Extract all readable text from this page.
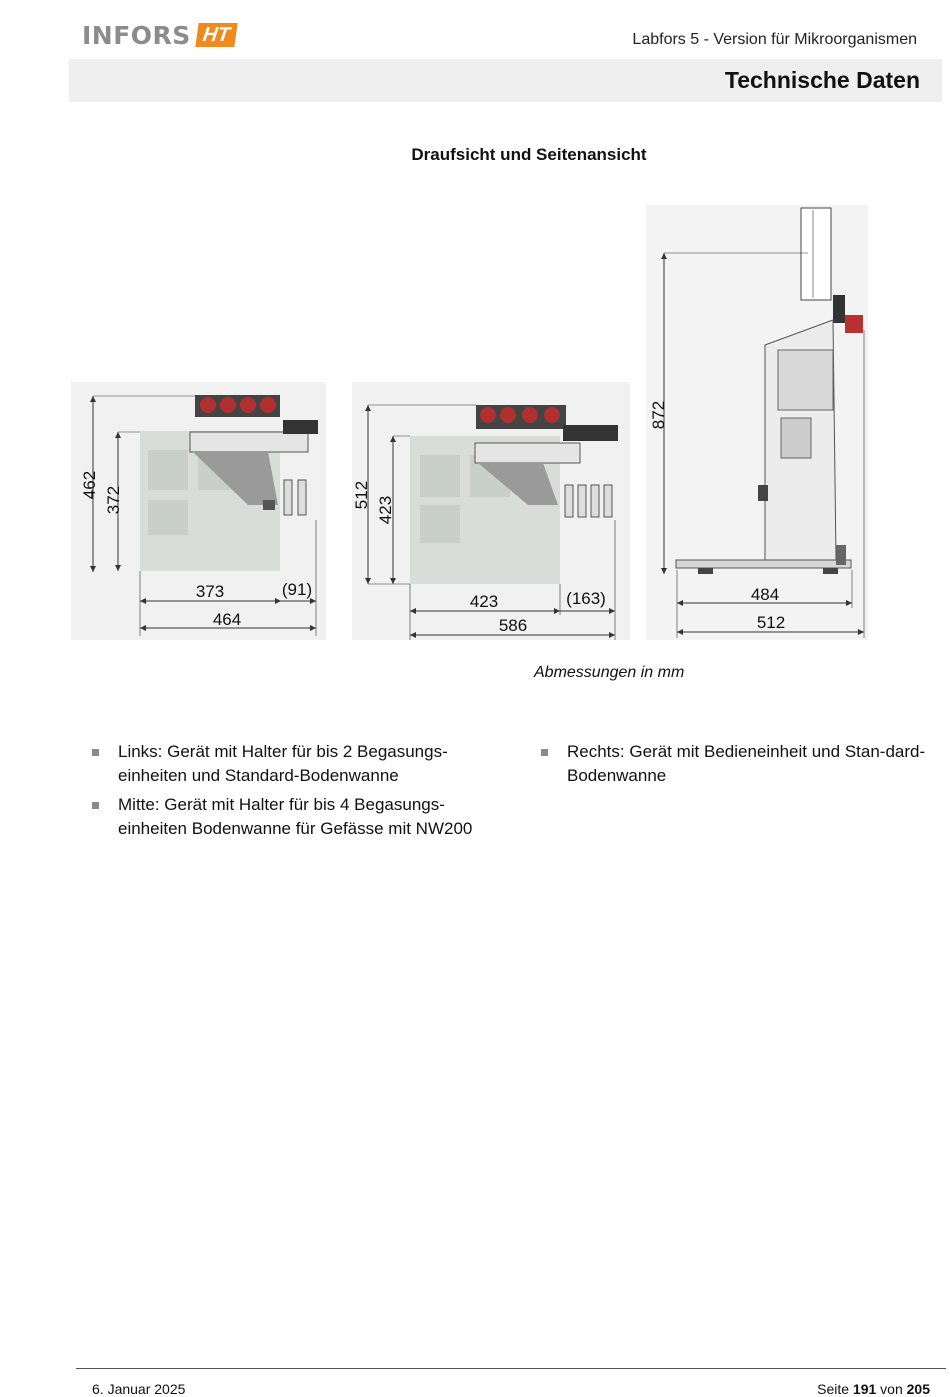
INFORS HT	Labfors 5 - Version für Mikroorganismen
Technische Daten
Draufsicht und Seitenansicht
462
372
373	(91)
464
512
423
423	(163)
586
872
484
512
Abmessungen in mm
Links: Gerät mit Halter für bis 2 Begasungs-einheiten und Standard-Bodenwanne
Mitte: Gerät mit Halter für bis 4 Begasungs-einheiten Bodenwanne für Gefässe mit NW200
Rechts: Gerät mit Bedieneinheit und Stan-dard-Bodenwanne
6. Januar 2025	Seite 191 von 205
